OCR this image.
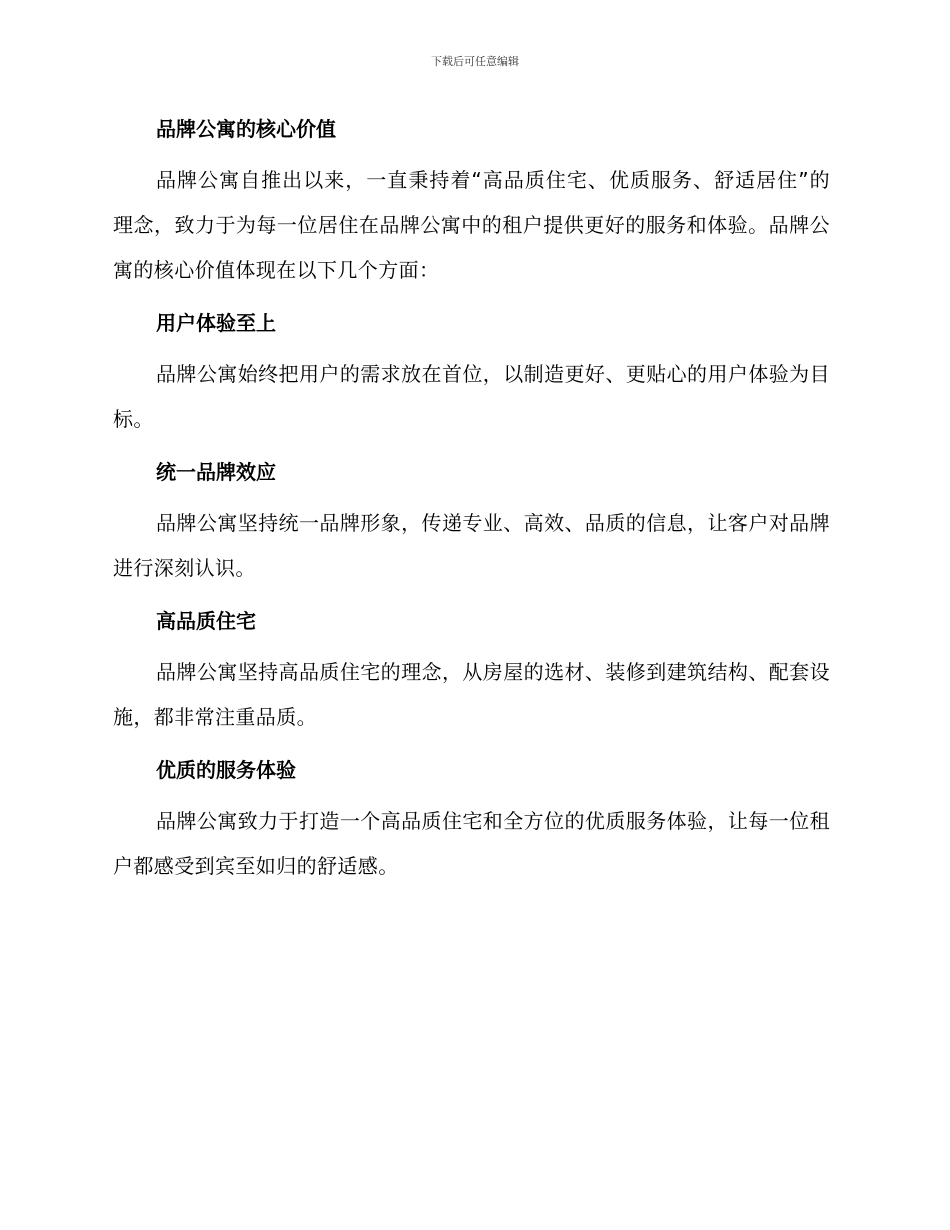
下载后可任意编辑
品牌公寓的核心价值

品牌公寓自推出以来，一直秉持着“高品质住宅、优质服务、舒适居住”的理念，致力于为每一位居住在品牌公寓中的租户提供更好的服务和体验。品牌公寓的核心价值体现在以下几个方面：

用户体验至上

品牌公寓始终把用户的需求放在首位，以制造更好、更贴心的用户体验为目标。

统一品牌效应

品牌公寓坚持统一品牌形象，传递专业、高效、品质的信息，让客户对品牌进行深刻认识。

高品质住宅

品牌公寓坚持高品质住宅的理念，从房屋的选材、装修到建筑结构、配套设施，都非常注重品质。

优质的服务体验

品牌公寓致力于打造一个高品质住宅和全方位的优质服务体验，让每一位租户都感受到宾至如归的舒适感。
